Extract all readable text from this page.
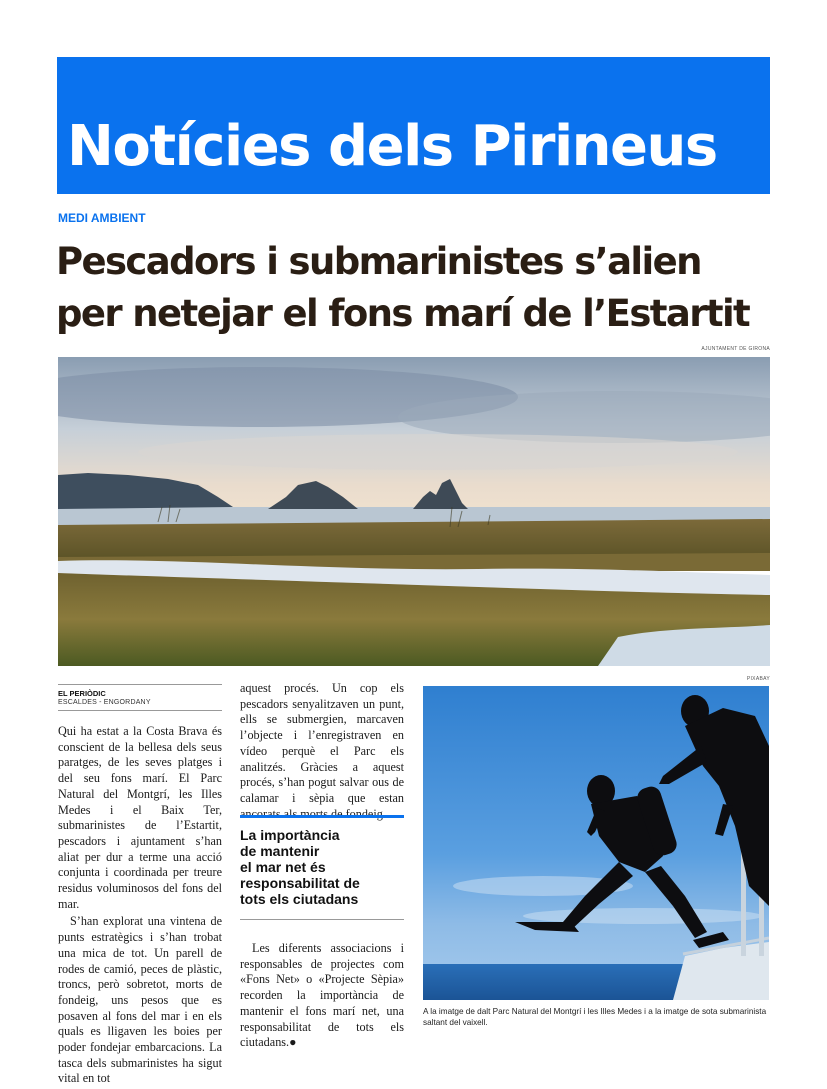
Notícies dels Pirineus
MEDI AMBIENT
Pescadors i submarinistes s’alien
per netejar el fons marí de l’Estartit
AJUNTAMENT DE GIRONA
EL PERIÒDIC
ESCALDES - ENGORDANY

Qui ha estat a la Costa Brava és conscient de la bellesa dels seus paratges, de les seves platges i del seu fons marí. El Parc Natural del Montgrí, les Illes Medes i el Baix Ter, submarinistes de l’Estartit, pescadors i ajuntament s’han aliat per dur a terme una acció conjunta i coordinada per treure residus voluminosos del fons del mar.

S’han explorat una vintena de punts estratègics i s’han trobat una mica de tot. Un parell de rodes de camió, peces de plàstic, troncs, però sobretot, morts de fondeig, uns pesos que es posaven al fons del mar i en els quals es lligaven les boies per poder fondejar embarcacions. La tasca dels submarinistes ha sigut vital en tot

aquest procés. Un cop els pescadors senyalitzaven un punt, ells se submergien, marcaven l’objecte i l’enregistraven en vídeo perquè el Parc els analitzés. Gràcies a aquest procés, s’han pogut salvar ous de calamar i sèpia que estan ancorats als morts de fondeig.

La importància
de mantenir
el mar net és
responsabilitat de
tots els ciutadans

Les diferents associacions i responsables de projectes com «Fons Net» o «Projecte Sèpia» recorden la importància de mantenir el fons marí net, una responsabilitat de tots els ciutadans.●

PIXABAY
A la imatge de dalt Parc Natural del Montgrí i les Illes Medes i a la imatge de sota submarinista saltant del vaixell.
